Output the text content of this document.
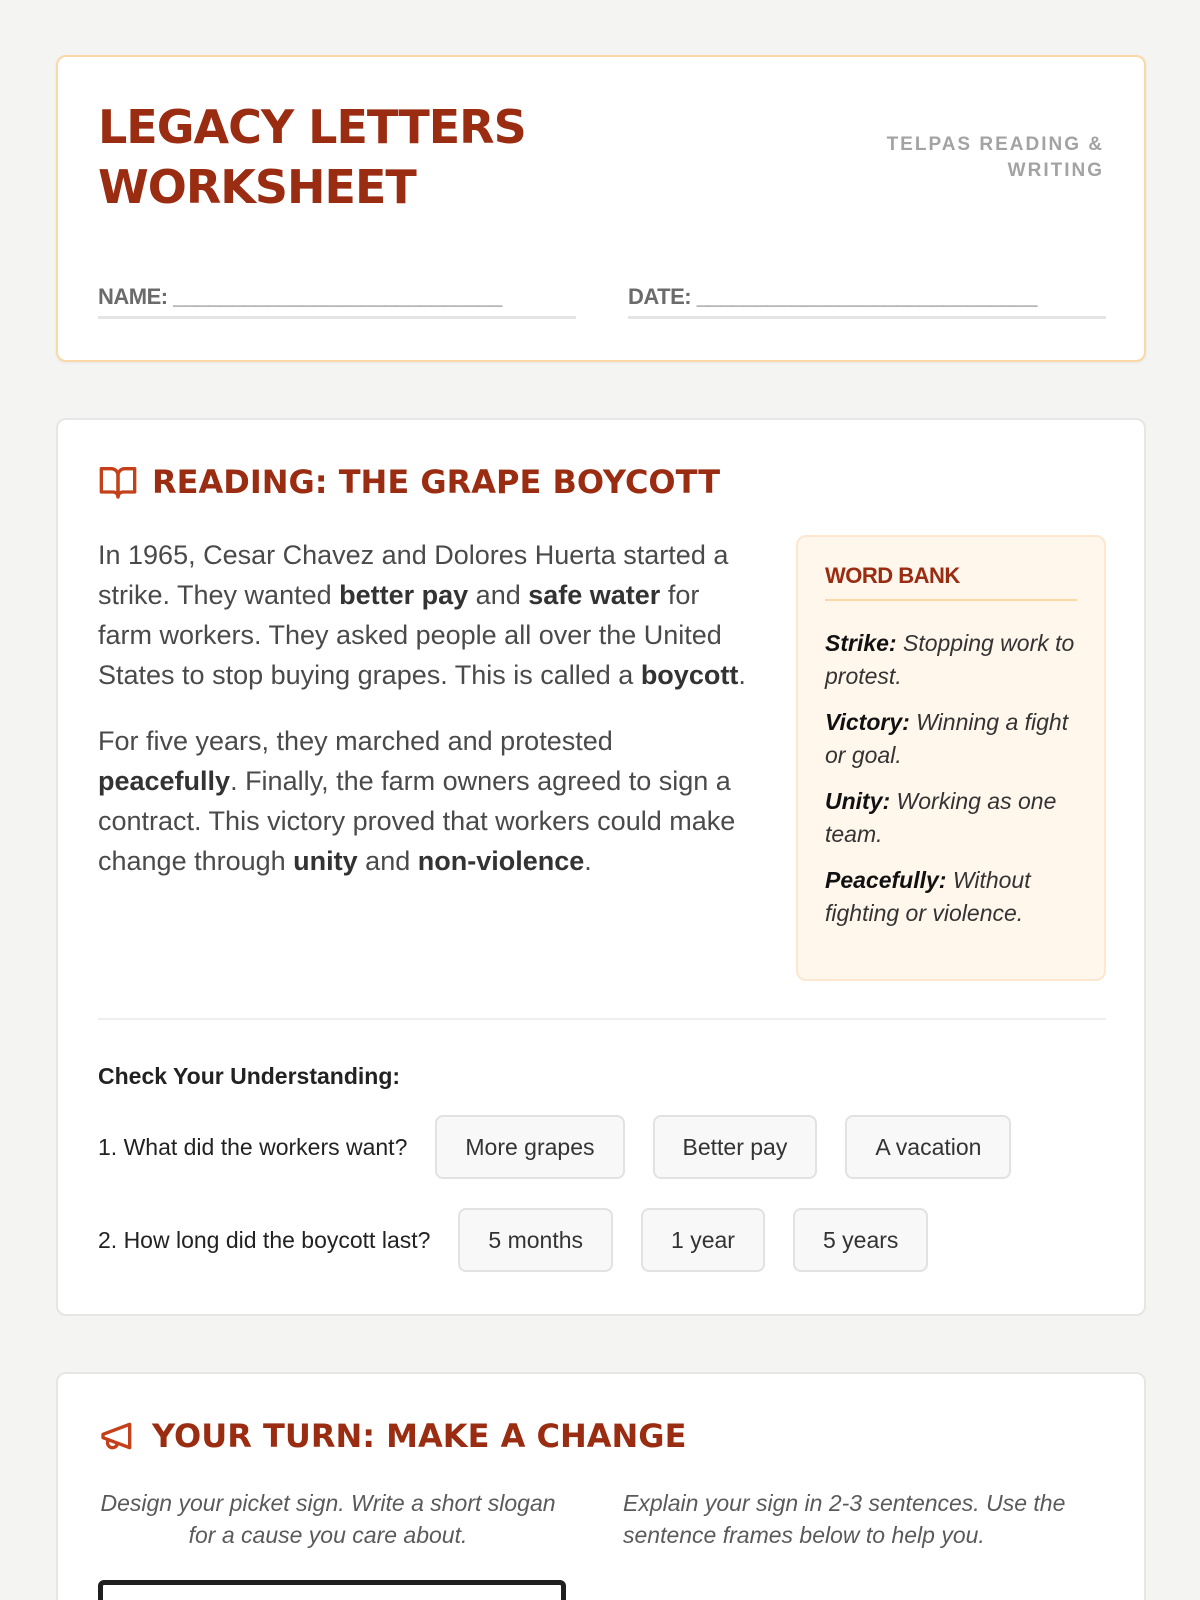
LEGACY LETTERS WORKSHEET
TELPAS READING & WRITING
NAME: ____________________________	DATE: _____________________________
READING: THE GRAPE BOYCOTT

In 1965, Cesar Chavez and Dolores Huerta started a strike. They wanted better pay and safe water for farm workers. They asked people all over the United States to stop buying grapes. This is called a boycott.

For five years, they marched and protested peacefully. Finally, the farm owners agreed to sign a contract. This victory proved that workers could make change through unity and non-violence.

WORD BANK
Strike: Stopping work to protest.
Victory: Winning a fight or goal.
Unity: Working as one team.
Peacefully: Without fighting or violence.
Check Your Understanding:
1. What did the workers want?	More grapes	Better pay	A vacation
2. How long did the boycott last?	5 months	1 year	5 years
YOUR TURN: MAKE A CHANGE
Design your picket sign. Write a short slogan for a cause you care about.
Explain your sign in 2-3 sentences. Use the sentence frames below to help you.
